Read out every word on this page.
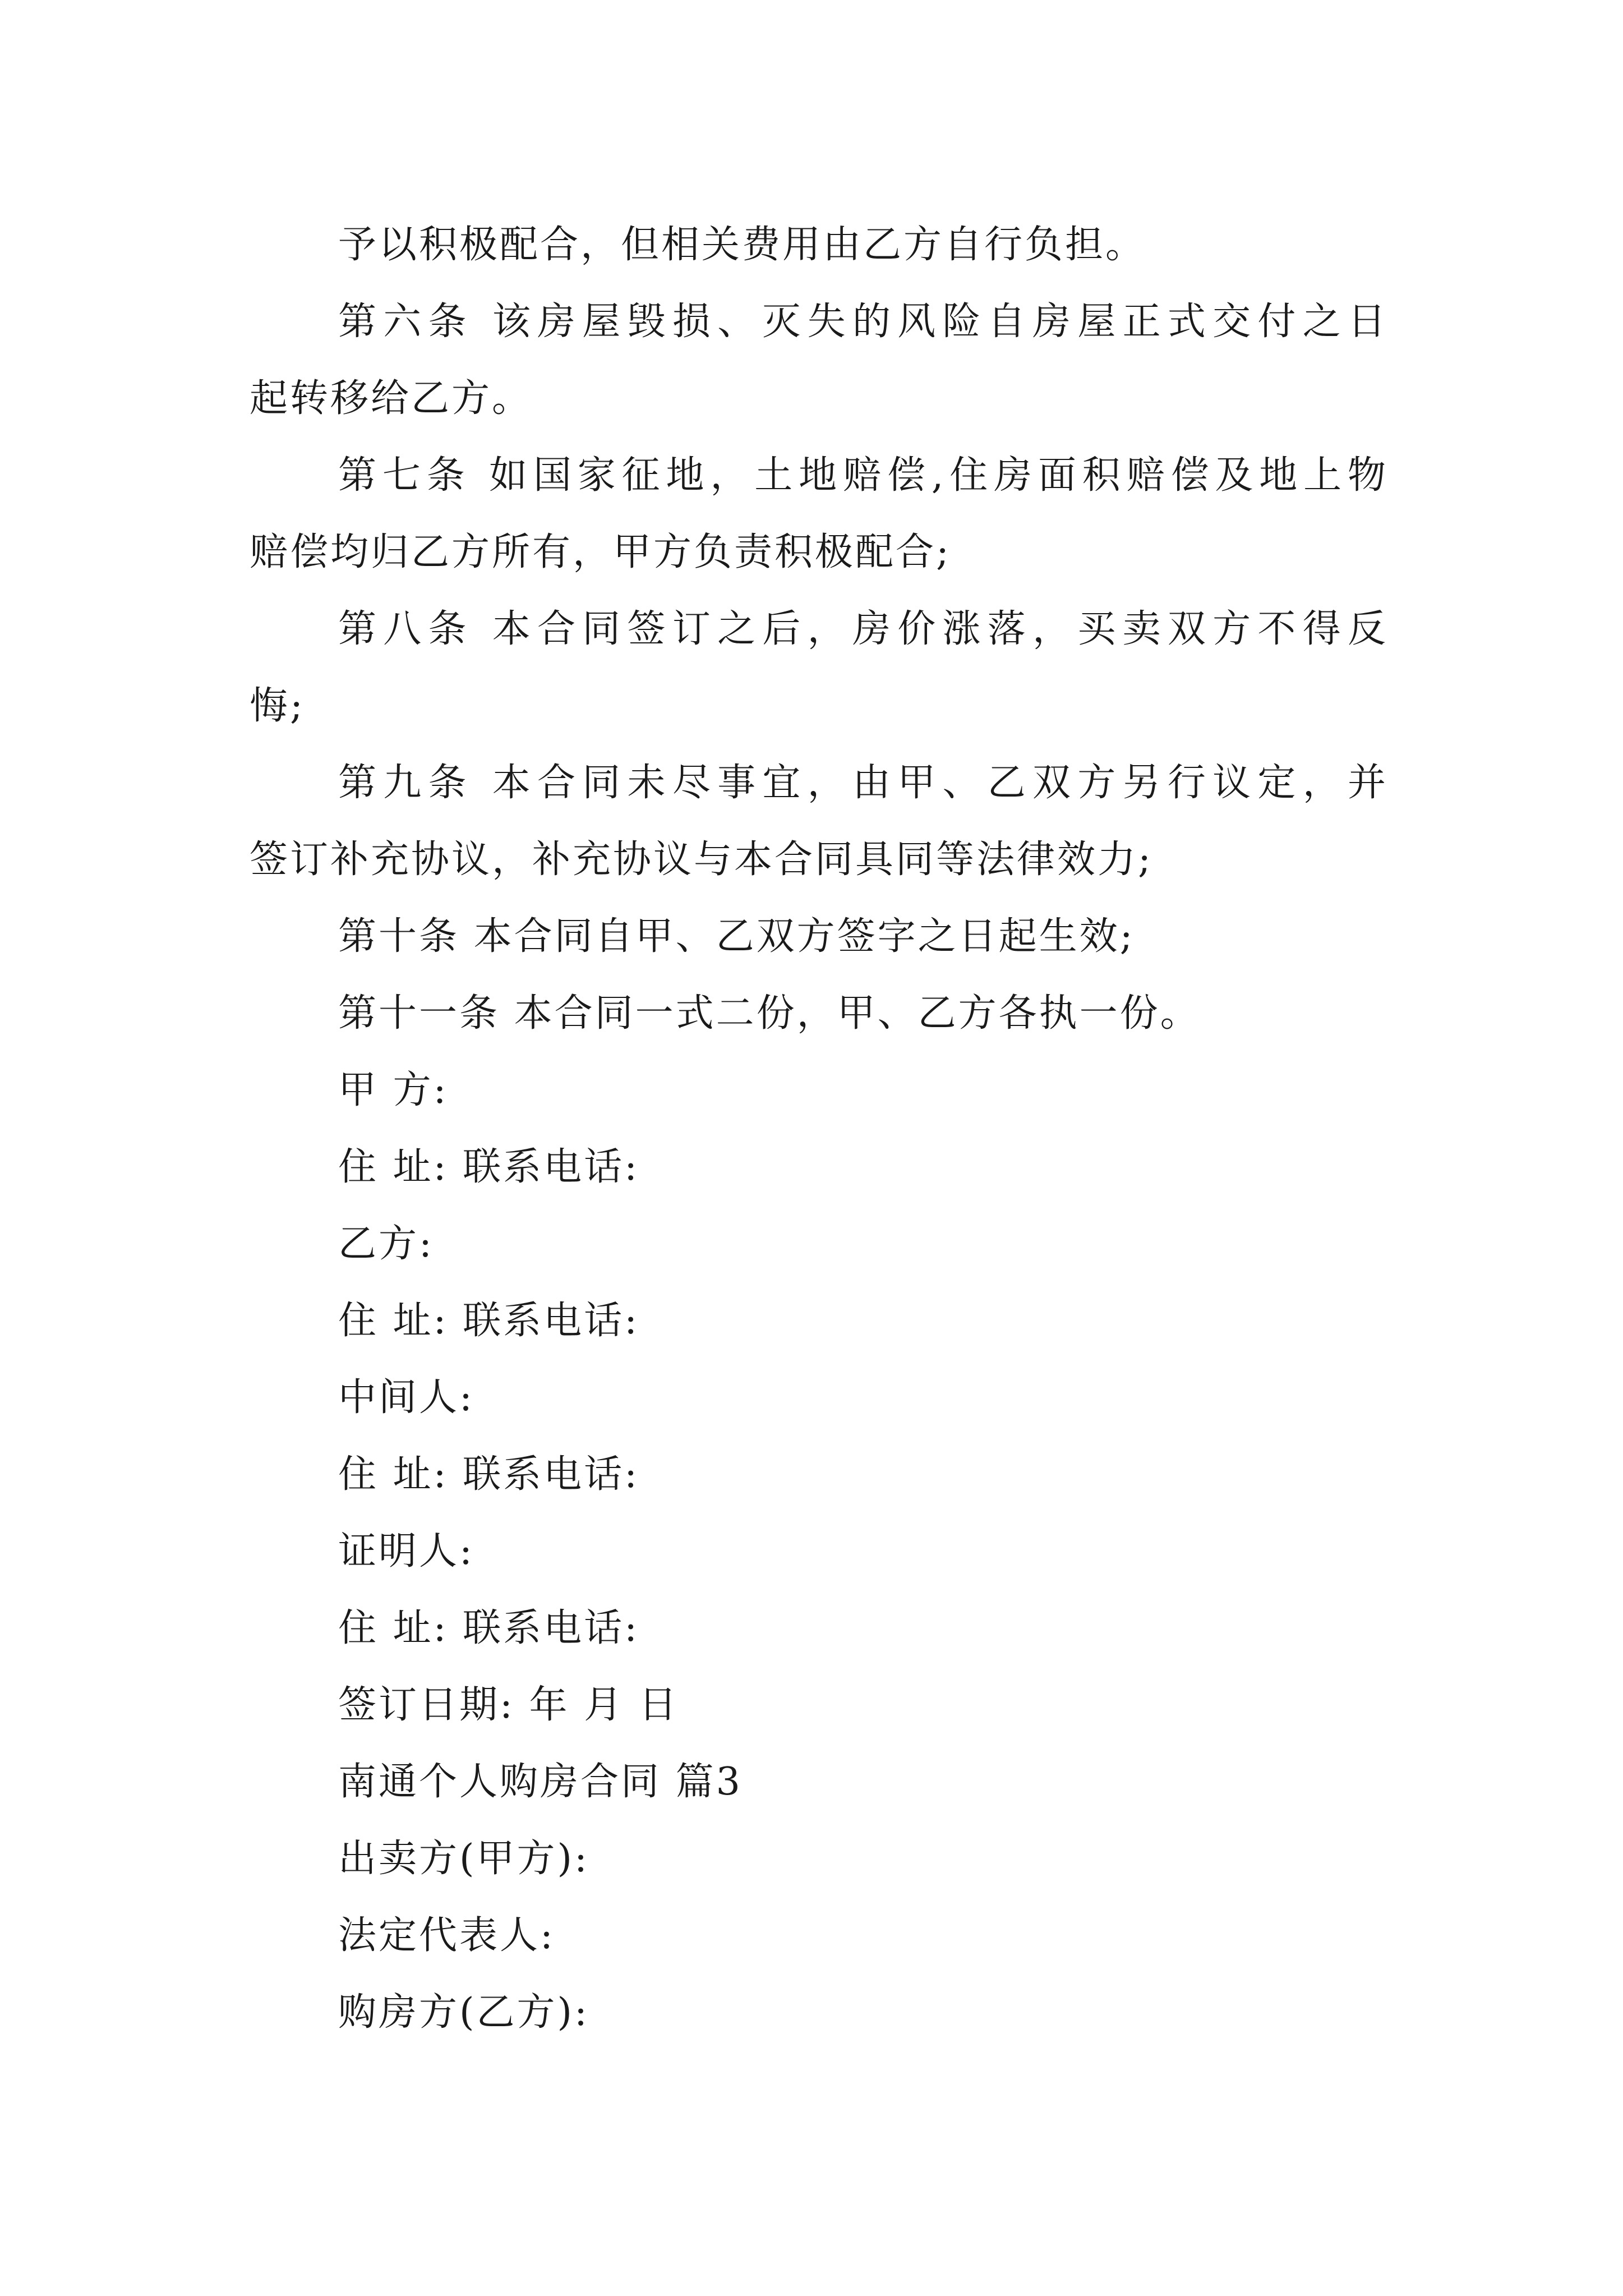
予以积极配合，但相关费用由乙方自行负担。
第六条 该房屋毁损、灭失的风险自房屋正式交付之日
起转移给乙方。
第七条 如国家征地，土地赔偿,住房面积赔偿及地上物
赔偿均归乙方所有，甲方负责积极配合;
第八条 本合同签订之后，房价涨落，买卖双方不得反
悔;
第九条 本合同未尽事宜，由甲、乙双方另行议定，并
签订补充协议，补充协议与本合同具同等法律效力;
第十条 本合同自甲、乙双方签字之日起生效;
第十一条 本合同一式二份，甲、乙方各执一份。
甲 方:
住 址: 联系电话:
乙方:
住 址: 联系电话:
中间人:
住 址: 联系电话:
证明人:
住 址: 联系电话:
签订日期: 年 月 日
南通个人购房合同 篇3
出卖方(甲方):
法定代表人:
购房方(乙方):
